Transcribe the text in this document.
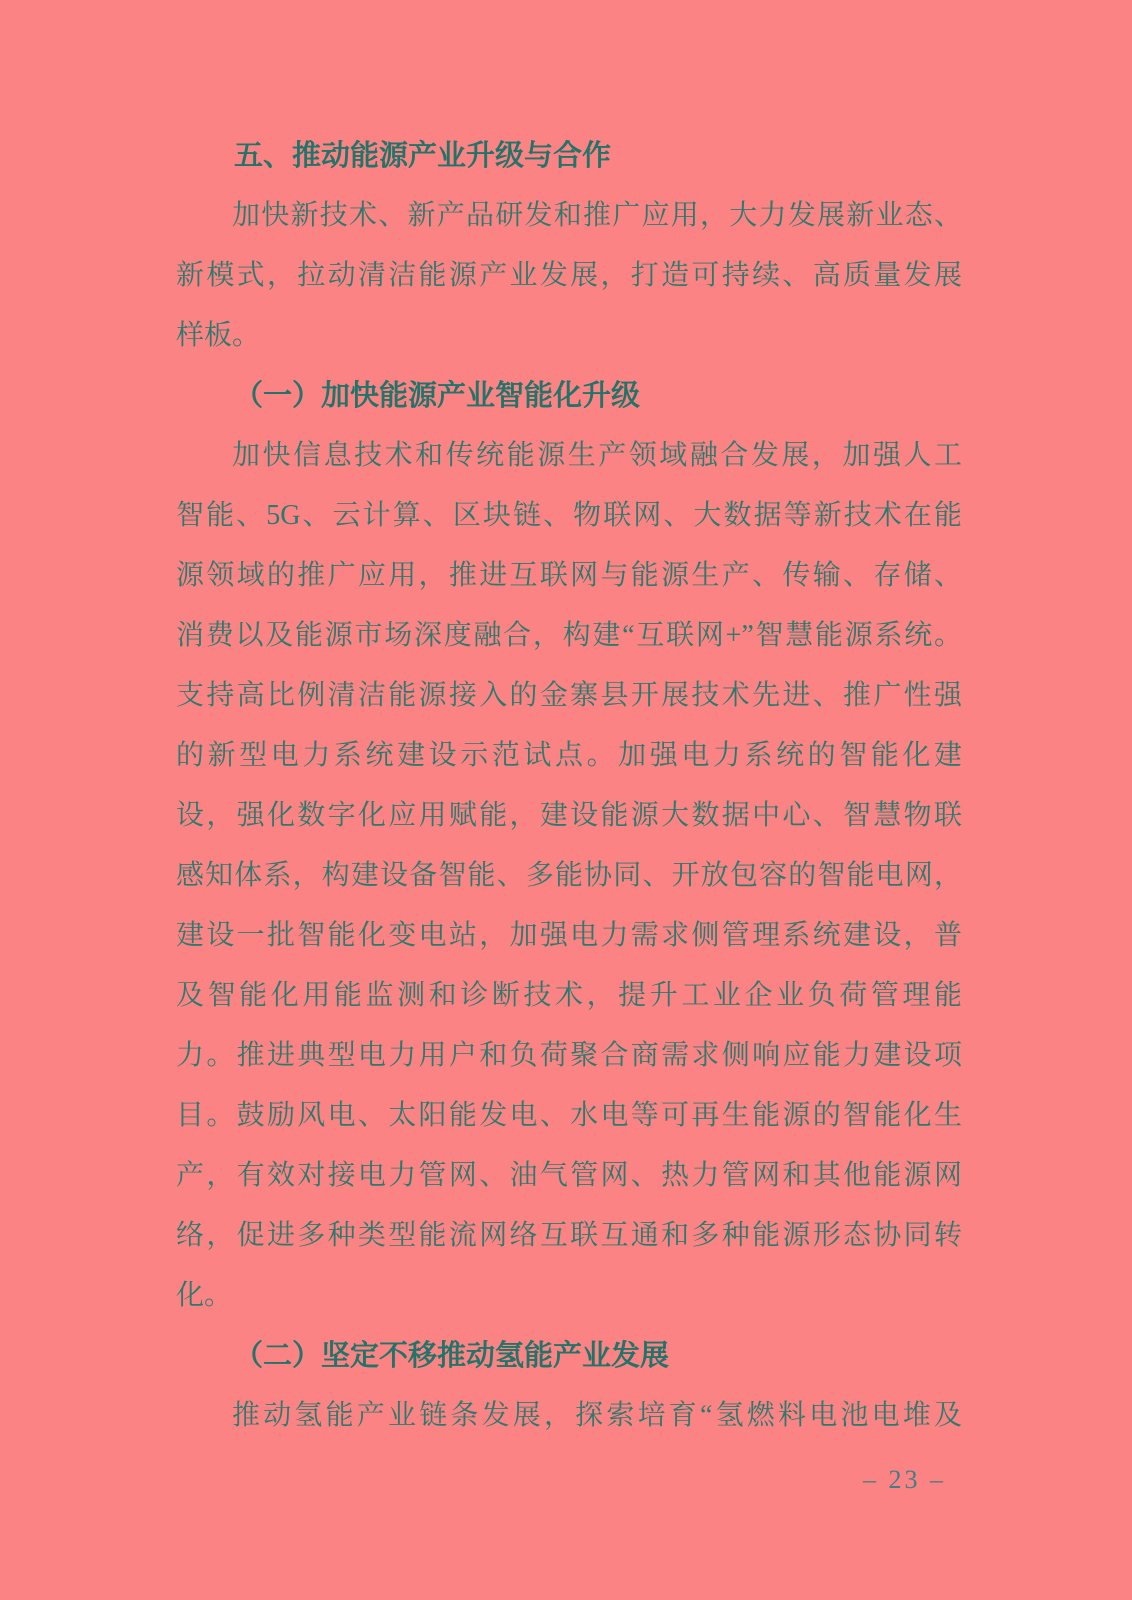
五、推动能源产业升级与合作
加快新技术、新产品研发和推广应用，大力发展新业态、
新模式，拉动清洁能源产业发展，打造可持续、高质量发展
样板。
（一）加快能源产业智能化升级
加快信息技术和传统能源生产领域融合发展，加强人工
智能、5G、云计算、区块链、物联网、大数据等新技术在能
源领域的推广应用，推进互联网与能源生产、传输、存储、
消费以及能源市场深度融合，构建“互联网+”智慧能源系统。
支持高比例清洁能源接入的金寨县开展技术先进、推广性强
的新型电力系统建设示范试点。加强电力系统的智能化建
设，强化数字化应用赋能，建设能源大数据中心、智慧物联
感知体系，构建设备智能、多能协同、开放包容的智能电网，
建设一批智能化变电站，加强电力需求侧管理系统建设，普
及智能化用能监测和诊断技术，提升工业企业负荷管理能
力。推进典型电力用户和负荷聚合商需求侧响应能力建设项
目。鼓励风电、太阳能发电、水电等可再生能源的智能化生
产，有效对接电力管网、油气管网、热力管网和其他能源网
络，促进多种类型能流网络互联互通和多种能源形态协同转
化。
（二）坚定不移推动氢能产业发展
推动氢能产业链条发展，探索培育“氢燃料电池电堆及
– 23 –
